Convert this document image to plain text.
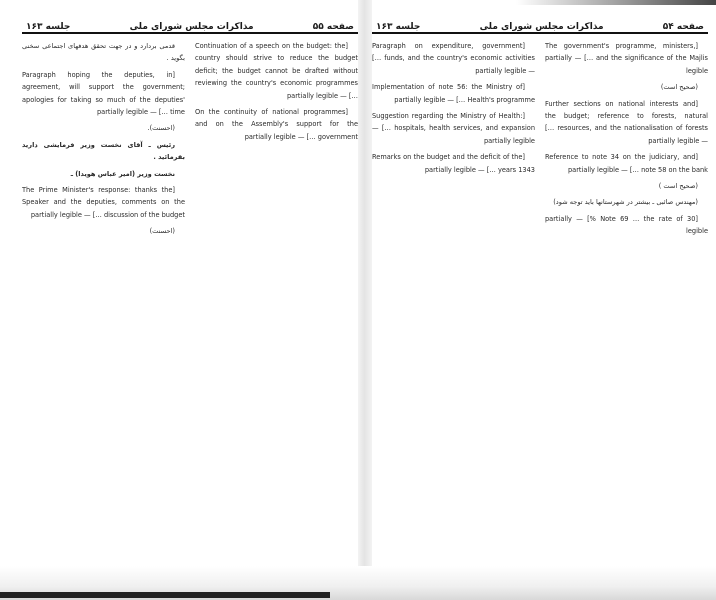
صفحه ۵۵
مذاکرات مجلس شورای ملی
جلسه ۱۶۳

[Continuation of a speech on the budget: the country should strive to reduce the budget deficit; the budget cannot be drafted without reviewing the country's economic programmes …] — partially legible

[On the continuity of national programmes and on the Assembly's support for the government …] — partially legible

قدمی بردارد و در جهت تحقق هدفهای اجتماعی سخنی بگوید .

[Paragraph hoping the deputies, in agreement, will support the government; apologies for taking so much of the deputies' time …] — partially legible

(احسنت).

رئیس ـ آقای نخست وزیر فرمایشی دارید بفرمائید .

نخست وزیر (امیر عباس هویدا) ـ

[The Prime Minister's response: thanks the Speaker and the deputies, comments on the discussion of the budget …] — partially legible

(احسنت)

صفحه ۵۴
مذاکرات مجلس شورای ملی
جلسه ۱۶۳

[The government's programme, ministers, and the significance of the Majlis …] — partially legible

(صحیح است)

[Further sections on national interests and the budget; reference to forests, natural resources, and the nationalisation of forests …] — partially legible

[Reference to note 34 on the judiciary, and note 58 on the bank …] — partially legible

(صحیح است )

(مهندس صائبی ـ بیشتر در شهرستانها باید توجه شود)

[Note 69 … the rate of 30 %] — partially legible

[Paragraph on expenditure, government funds, and the country's economic activities …] — partially legible

[Implementation of note 56: the Ministry of Health's programme …] — partially legible

[Suggestion regarding the Ministry of Health: hospitals, health services, and expansion …] — partially legible

[Remarks on the budget and the deficit of the years 1343 …] — partially legible
